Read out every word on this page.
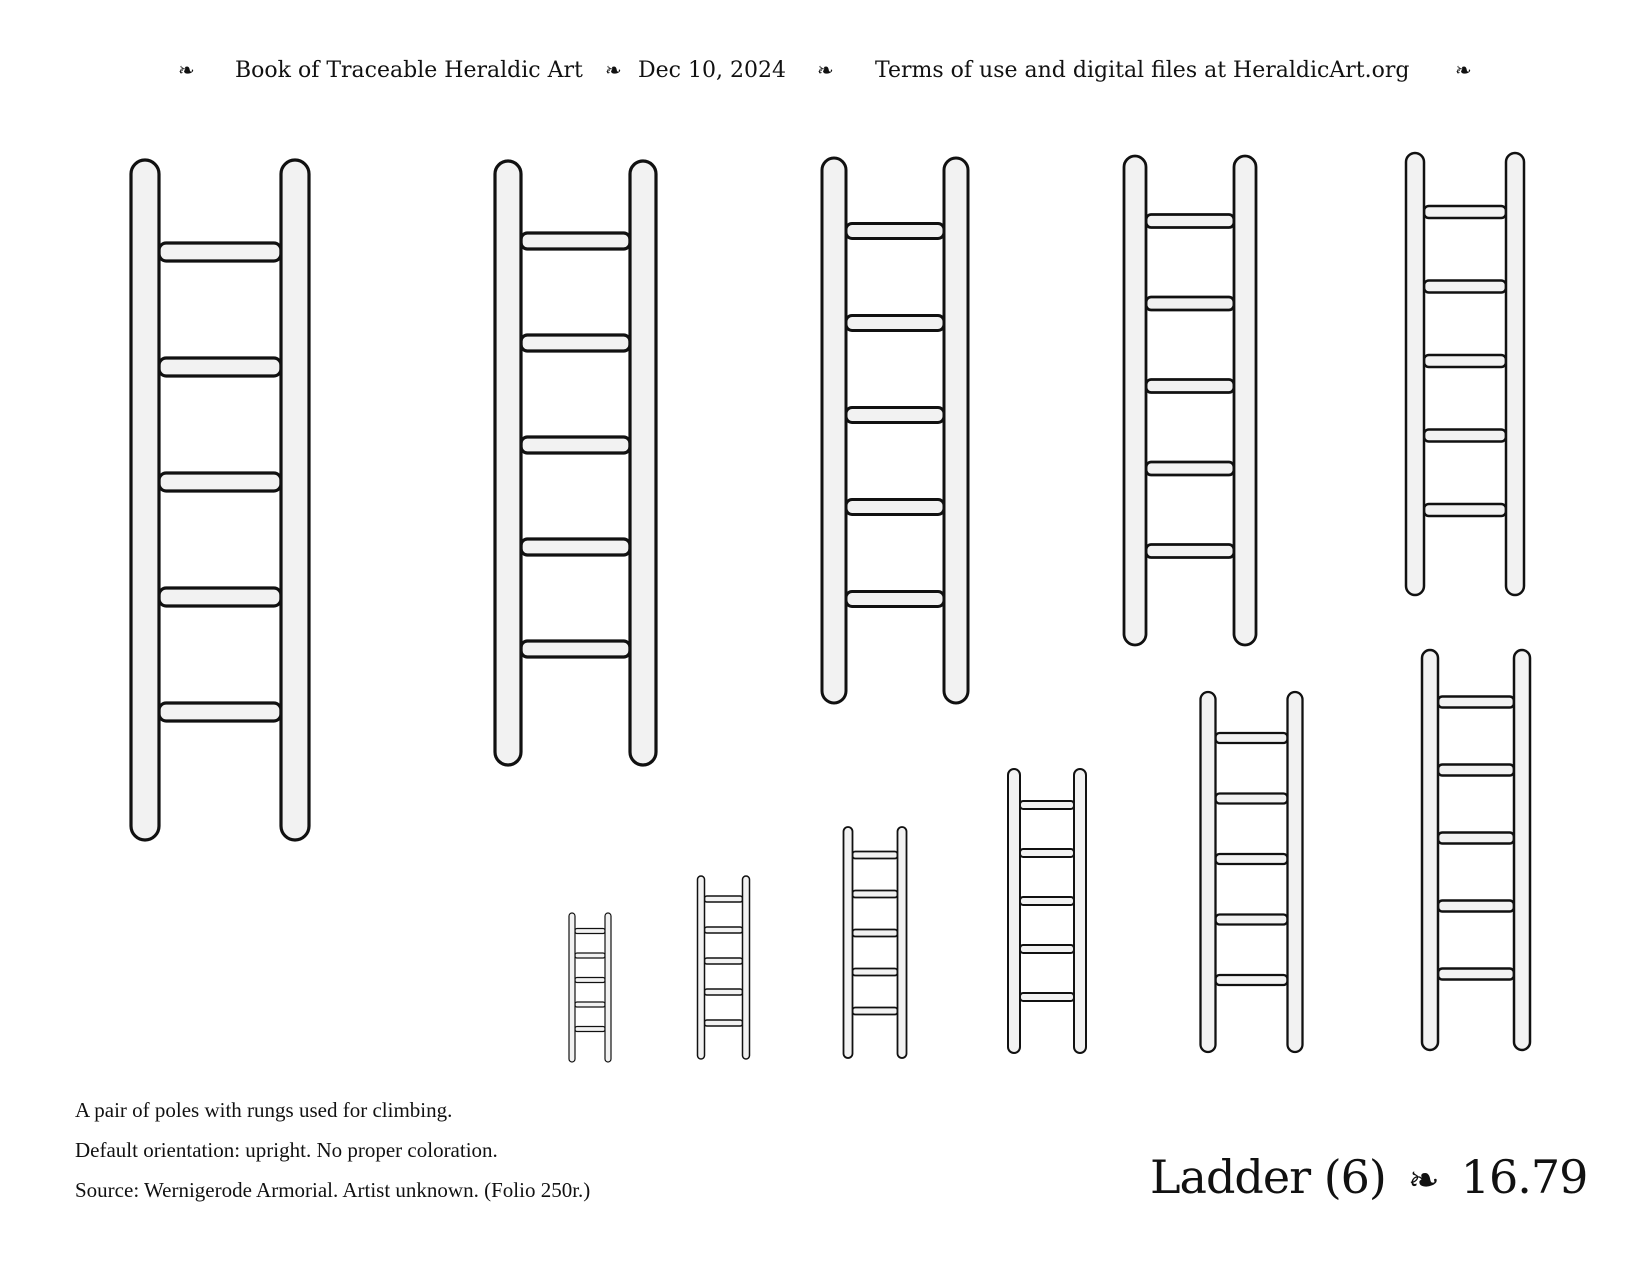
❧ Book of Traceable Heraldic Art ❧ Dec 10, 2024 ❧ Terms of use and digital files at HeraldicArt.org ❧
A pair of poles with rungs used for climbing.
Default orientation: upright. No proper coloration.
Source: Wernigerode Armorial. Artist unknown. (Folio 250r.)	Ladder (6) ❧ 16.79
